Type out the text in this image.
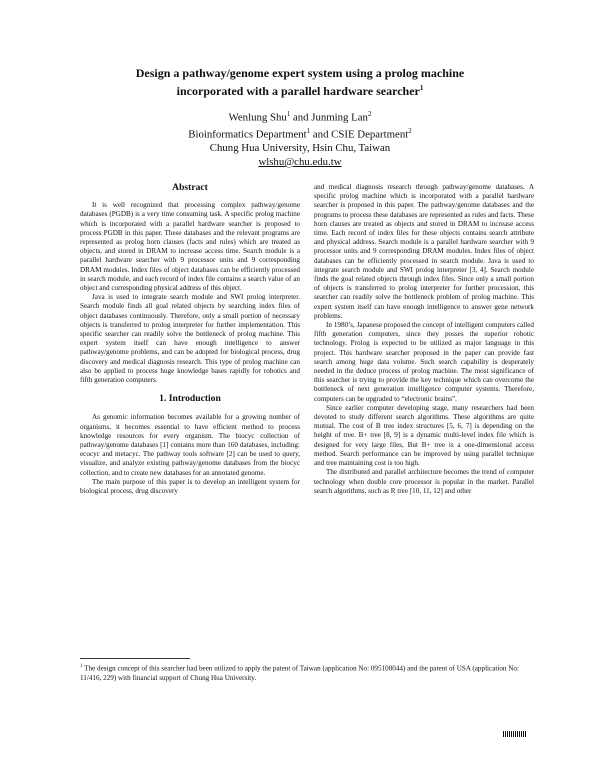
Design a pathway/genome expert system using a prolog machine
incorporated with a parallel hardware searcher$^1$
Wenlung Shu$^1$ and Junming Lan$^2$
Bioinformatics Department$^1$ and CSIE Department$^2$
Chung Hua University, Hsin Chu, Taiwan
wlshu@chu.edu.tw
Abstract

It is well recognized that processing complex pathway/genome databases (PGDB) is a very time consuming task. A specific prolog machine which is incorporated with a parallel hardware searcher is proposed to process PGDB in this paper. These databases and the relevant programs are represented as prolog horn clauses (facts and rules) which are treated as objects, and stored in DRAM to increase access time. Search module is a parallel hardware searcher with 9 processor units and 9 corresponding DRAM modules. Index files of object databases can be efficiently processed in search module, and each record of index file contains a search value of an object and corresponding physical address of this object.

Java is used to integrate search module and SWI prolog interpreter. Search module finds all goal related objects by searching index files of object databases continuously. Therefore, only a small portion of necessary objects is transferred to prolog interpreter for further implementation. This specific searcher can readily solve the bottleneck of prolog machine. This expert system itself can have enough intelligence to answer pathway/genome problems, and can be adopted for biological process, drug discovery and medical diagnosis research. This type of prolog machine can also be applied to process huge knowledge bases rapidly for robotics and fifth generation computers.

1. Introduction

As genomic information becomes available for a growing number of organisms, it becomes essential to have efficient method to process knowledge resources for every organism. The biocyc collection of pathway/genome databases [1] contains more than 160 databases, including: ecocyc and metacyc. The pathway tools software [2] can be used to query, visualize, and analyze existing pathway/genome databases from the biocyc collection, and to create new databases for an annotated genome.

The main purpose of this paper is to develop an intelligent system for biological process, drug discovery

and medical diagnosis research through pathway/genome databases. A specific prolog machine which is incorporated with a parallel hardware searcher is proposed in this paper. The pathway/genome databases and the programs to process these databases are represented as rules and facts. These horn clauses are treated as objects and stored in DRAM to increase access time. Each record of index files for these objects contains search attribute and physical address. Search module is a parallel hardware searcher with 9 processor units and 9 corresponding DRAM modules. Index files of object databases can be efficiently processed in search module. Java is used to integrate search module and SWI prolog interpreter [3, 4]. Search module finds the goal related objects through index files. Since only a small portion of objects is transferred to prolog interpreter for further procession, this searcher can readily solve the bottleneck problem of prolog machine. This expert system itself can have enough intelligence to answer gene network problems.

In 1980’s, Japanese proposed the concept of intelligent computers called fifth generation computers, since they posses the superior robotic technology. Prolog is expected to be utilized as major language in this project. This hardware searcher proposed in the paper can provide fast search among huge data volume. Such search capability is desperately needed in the deduce process of prolog machine. The most significance of this searcher is trying to provide the key technique which can overcome the bottleneck of next generation intelligence computer systems. Therefore, computers can be upgraded to “electronic brains”.

Since earlier computer developing stage, many researchers had been devoted to study different search algorithms. These algorithms are quite mutual. The cost of B tree index structures [5, 6, 7] is depending on the height of tree. B+ tree [8, 9] is a dynamic multi-level index file which is designed for very large files, But B+ tree is a one-dimensional access method. Search performance can be improved by using parallel technique and tree maintaining cost is too high.

The distributed and parallel architecture becomes the trend of computer technology when double core processor is popular in the market. Parallel search algorithms, such as R tree [10, 11, 12] and other

$^1$ The design concept of this searcher had been utilized to apply the patent of Taiwan (application No: 095108044) and the patent of USA (application No: 11/416, 229) with financial support of Chung Hua University.
